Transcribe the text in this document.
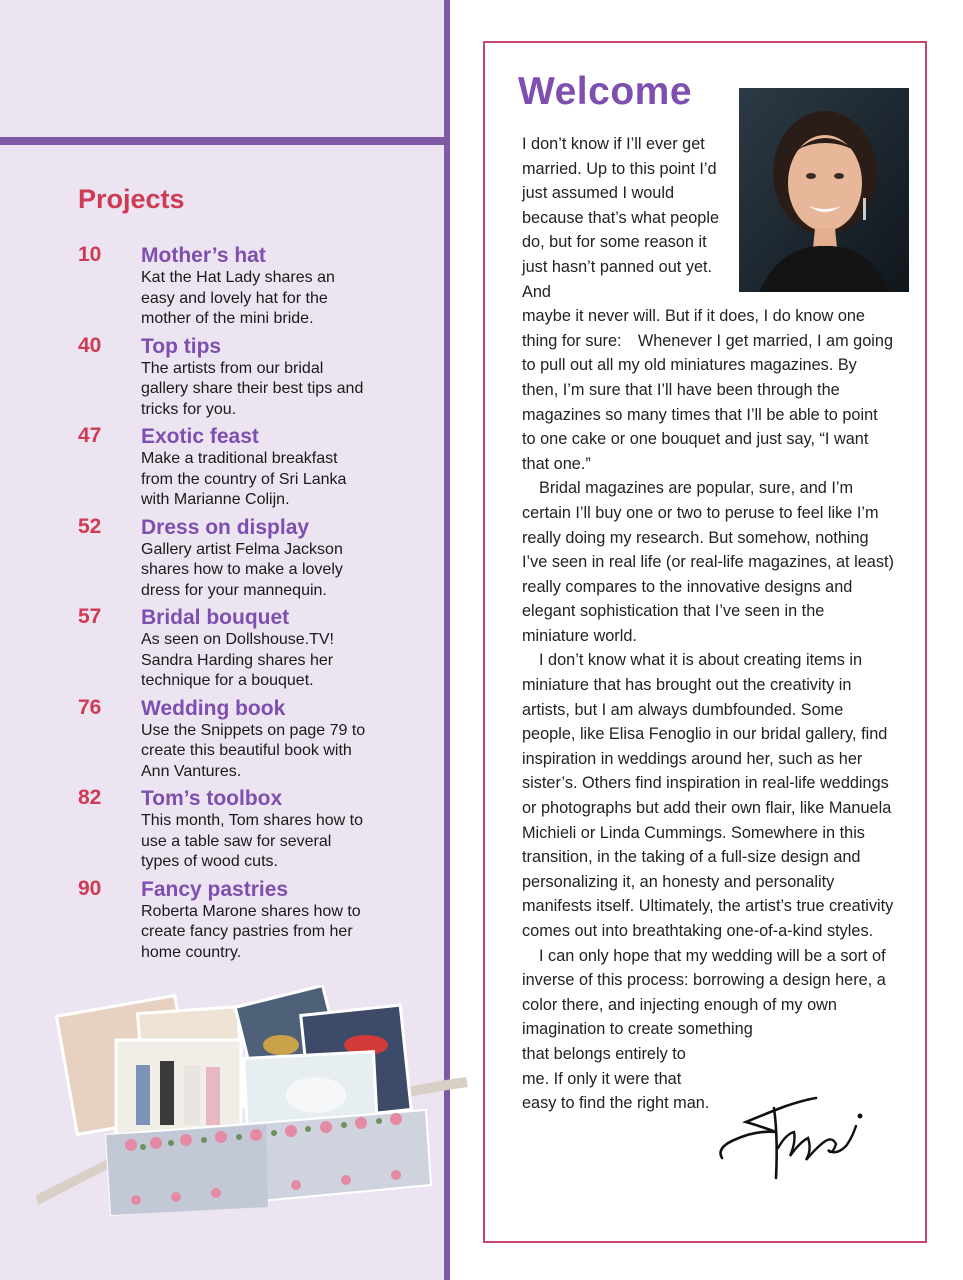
Projects
10 Mother’s hat
Kat the Hat Lady shares an easy and lovely hat for the mother of the mini bride.
40 Top tips
The artists from our bridal gallery share their best tips and tricks for you.
47 Exotic feast
Make a traditional breakfast from the country of Sri Lanka with Marianne Colijn.
52 Dress on display
Gallery artist Felma Jackson shares how to make a lovely dress for your mannequin.
57 Bridal bouquet
As seen on Dollshouse.TV! Sandra Harding shares her technique for a bouquet.
76 Wedding book
Use the Snippets on page 79 to create this beautiful book with Ann Vantures.
82 Tom’s toolbox
This month, Tom shares how to use a table saw for several types of wood cuts.
90 Fancy pastries
Roberta Marone shares how to create fancy pastries from her home country.
Welcome

I don’t know if I’ll ever get married. Up to this point I’d just assumed I would because that’s what people do, but for some reason it just hasn’t panned out yet. And

maybe it never will. But if it does, I do know one thing for sure: Whenever I get married, I am going to pull out all my old miniatures magazines. By then, I’m sure that I’ll have been through the magazines so many times that I’ll be able to point to one cake or one bouquet and just say, “I want that one.”

Bridal magazines are popular, sure, and I’m certain I’ll buy one or two to peruse to feel like I’m really doing my research. But somehow, nothing I’ve seen in real life (or real-life magazines, at least) really compares to the innovative designs and elegant sophistication that I’ve seen in the miniature world.

I don’t know what it is about creating items in miniature that has brought out the creativity in artists, but I am always dumbfounded. Some people, like Elisa Fenoglio in our bridal gallery, find inspiration in weddings around her, such as her sister’s. Others find inspiration in real-life weddings or photographs but add their own flair, like Manuela Michieli or Linda Cummings. Somewhere in this transition, in the taking of a full-size design and personalizing it, an honesty and personality manifests itself. Ultimately, the artist’s true creativity comes out into breathtaking one-of-a-kind styles.

I can only hope that my wedding will be a sort of inverse of this process: borrowing a design here, a color there, and injecting enough of my own imagination to create something

that belongs entirely to me. If only it were that easy to find the right man.
